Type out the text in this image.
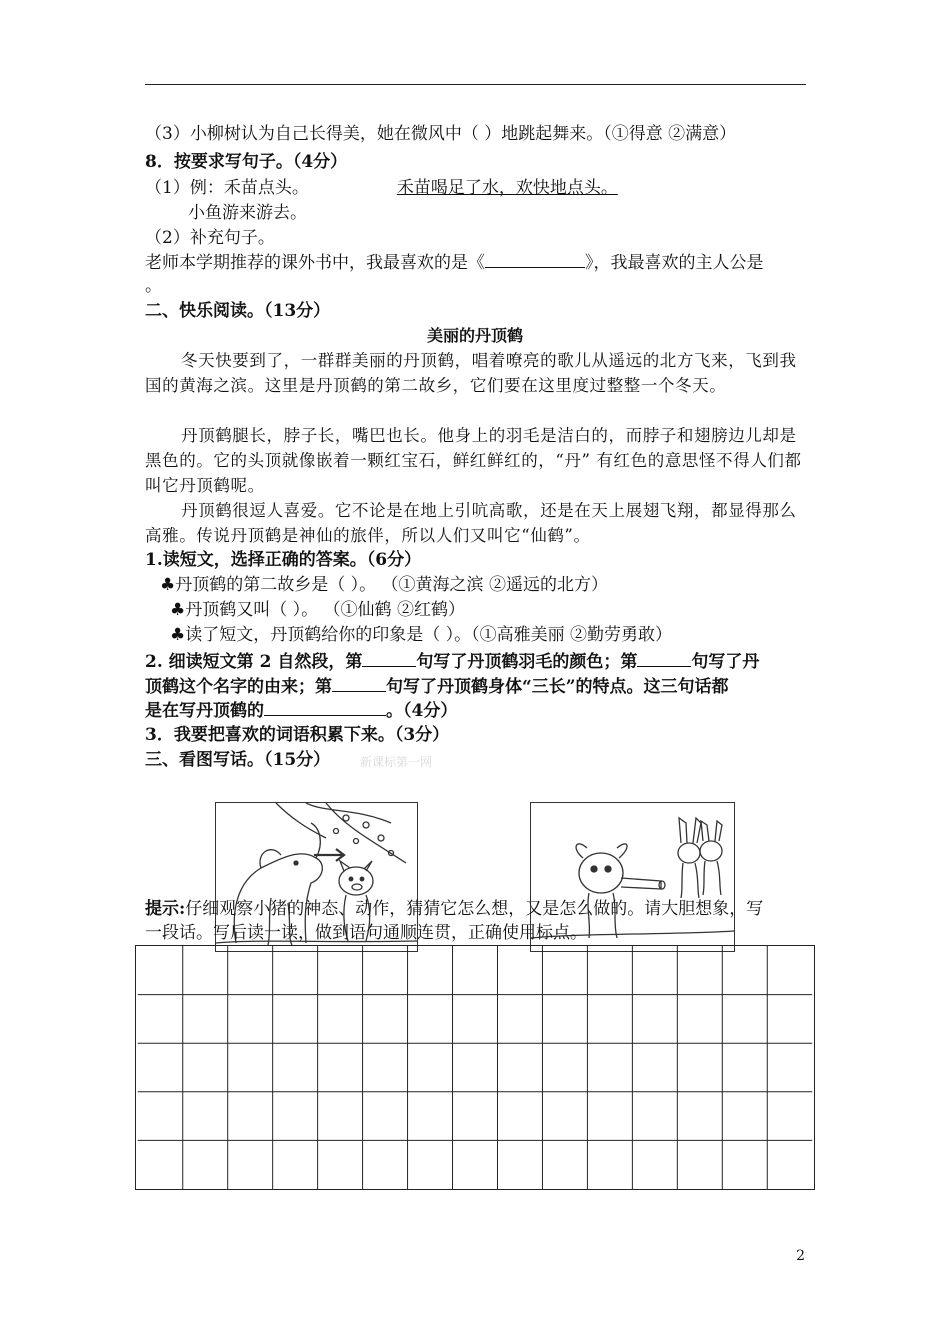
（3）小柳树认为自己长得美，她在微风中（ ）地跳起舞来。（①得意 ②满意）
8．按要求写句子。（4分）
（1）例：禾苗点头。	禾苗喝足了水，欢快地点头。
小鱼游来游去。
（2）补充句子。
老师本学期推荐的课外书中，我最喜欢的是《	》，我最喜欢的主人公是
。
二、快乐阅读。（13分）
美丽的丹顶鹤
冬天快要到了，一群群美丽的丹顶鹤，唱着嘹亮的歌儿从遥远的北方飞来，飞到我国的黄海之滨。这里是丹顶鹤的第二故乡，它们要在这里度过整整一个冬天。
丹顶鹤腿长，脖子长，嘴巴也长。他身上的羽毛是洁白的，而脖子和翅膀边儿却是黑色的。它的头顶就像嵌着一颗红宝石，鲜红鲜红的，“丹” 有红色的意思怪不得人们都叫它丹顶鹤呢。
丹顶鹤很逗人喜爱。它不论是在地上引吭高歌，还是在天上展翅飞翔，都显得那么高雅。传说丹顶鹤是神仙的旅伴，所以人们又叫它“仙鹤”。
1.读短文，选择正确的答案。（6分）
♣丹顶鹤的第二故乡是（ ）。 （①黄海之滨 ②遥远的北方）
♣丹顶鹤又叫（ ）。 （①仙鹤 ②红鹤）
♣读了短文，丹顶鹤给你的印象是（ ）。（①高雅美丽 ②勤劳勇敢）
2. 细读短文第 2 自然段，第	句写了丹顶鹤羽毛的颜色；第	句写了丹
顶鹤这个名字的由来；第	句写了丹顶鹤身体“三长”的特点。这三句话都
是在写丹顶鹤的	。（4分）
3．我要把喜欢的词语积累下来。（3分）
三、看图写话。（15分） 新课标第一网
提示:仔细观察小猪的神态、动作，猜猜它怎么想，又是怎么做的。请大胆想象，写
一段话。写后读一读，做到语句通顺连贯，正确使用标点。
2
